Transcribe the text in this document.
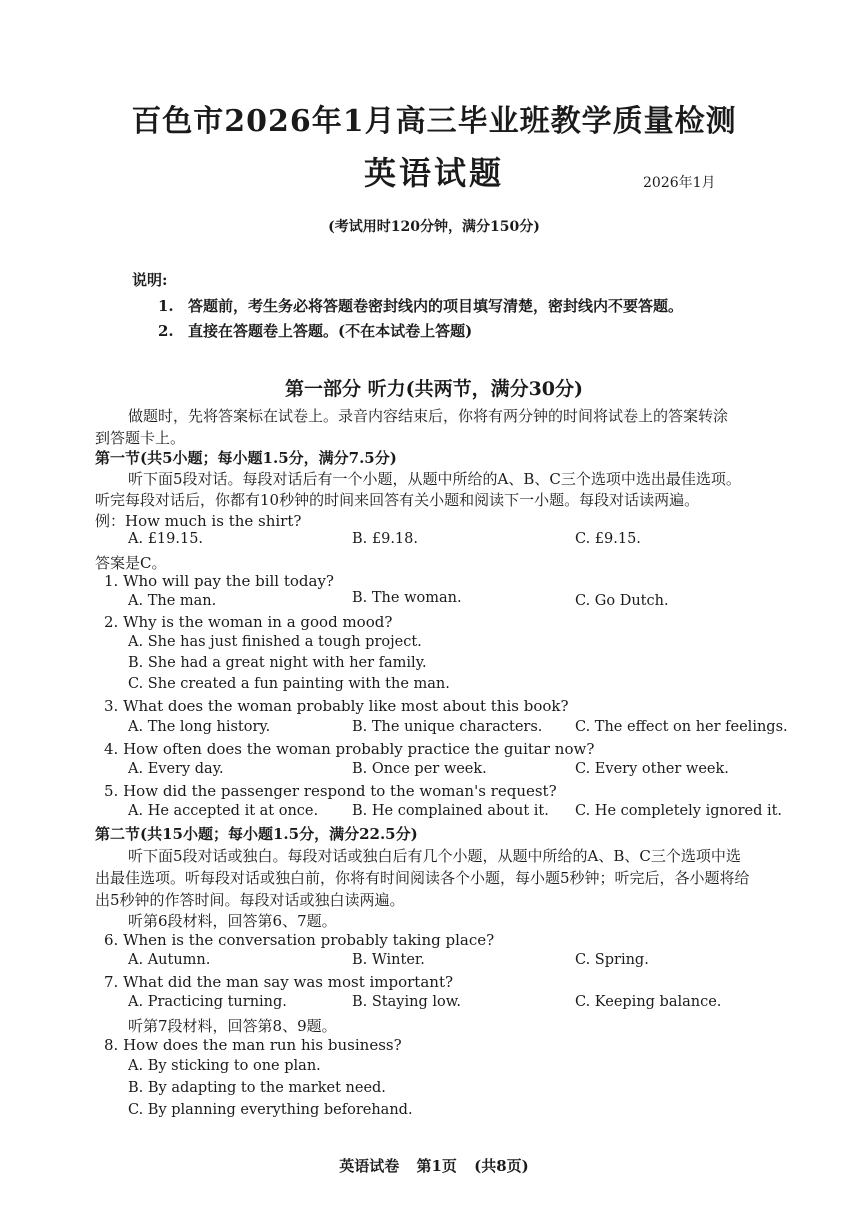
百色市2026年1月高三毕业班教学质量检测
英语试题	2026年1月
(考试用时120分钟，满分150分)
说明:
1. 答题前，考生务必将答题卷密封线内的项目填写清楚，密封线内不要答题。
2. 直接在答题卷上答题。(不在本试卷上答题)
第一部分 听力(共两节，满分30分)
做题时，先将答案标在试卷上。录音内容结束后，你将有两分钟的时间将试卷上的答案转涂
到答题卡上。
第一节(共5小题；每小题1.5分，满分7.5分)
听下面5段对话。每段对话后有一个小题，从题中所给的A、B、C三个选项中选出最佳选项。
听完每段对话后，你都有10秒钟的时间来回答有关小题和阅读下一小题。每段对话读两遍。
例：How much is the shirt?
A. £19.15.	B. £9.18.	C. £9.15.
答案是C。
1. Who will pay the bill today?
A. The man.	B. The woman.	C. Go Dutch.
2. Why is the woman in a good mood?
A. She has just finished a tough project.
B. She had a great night with her family.
C. She created a fun painting with the man.
3. What does the woman probably like most about this book?
A. The long history.	B. The unique characters. C. The effect on her feelings.
4. How often does the woman probably practice the guitar now?
A. Every day.	B. Once per week.	C. Every other week.
5. How did the passenger respond to the woman's request?
A. He accepted it at once. B. He complained about it. C. He completely ignored it.
第二节(共15小题；每小题1.5分，满分22.5分)
听下面5段对话或独白。每段对话或独白后有几个小题，从题中所给的A、B、C三个选项中选
出最佳选项。听每段对话或独白前，你将有时间阅读各个小题，每小题5秒钟；听完后，各小题将给
出5秒钟的作答时间。每段对话或独白读两遍。
听第6段材料，回答第6、7题。
6. When is the conversation probably taking place?
A. Autumn.	B. Winter.	C. Spring.
7. What did the man say was most important?
A. Practicing turning.	B. Staying low.	C. Keeping balance.
听第7段材料，回答第8、9题。
8. How does the man run his business?
A. By sticking to one plan.
B. By adapting to the market need.
C. By planning everything beforehand.
英语试卷 第1页 (共8页)
